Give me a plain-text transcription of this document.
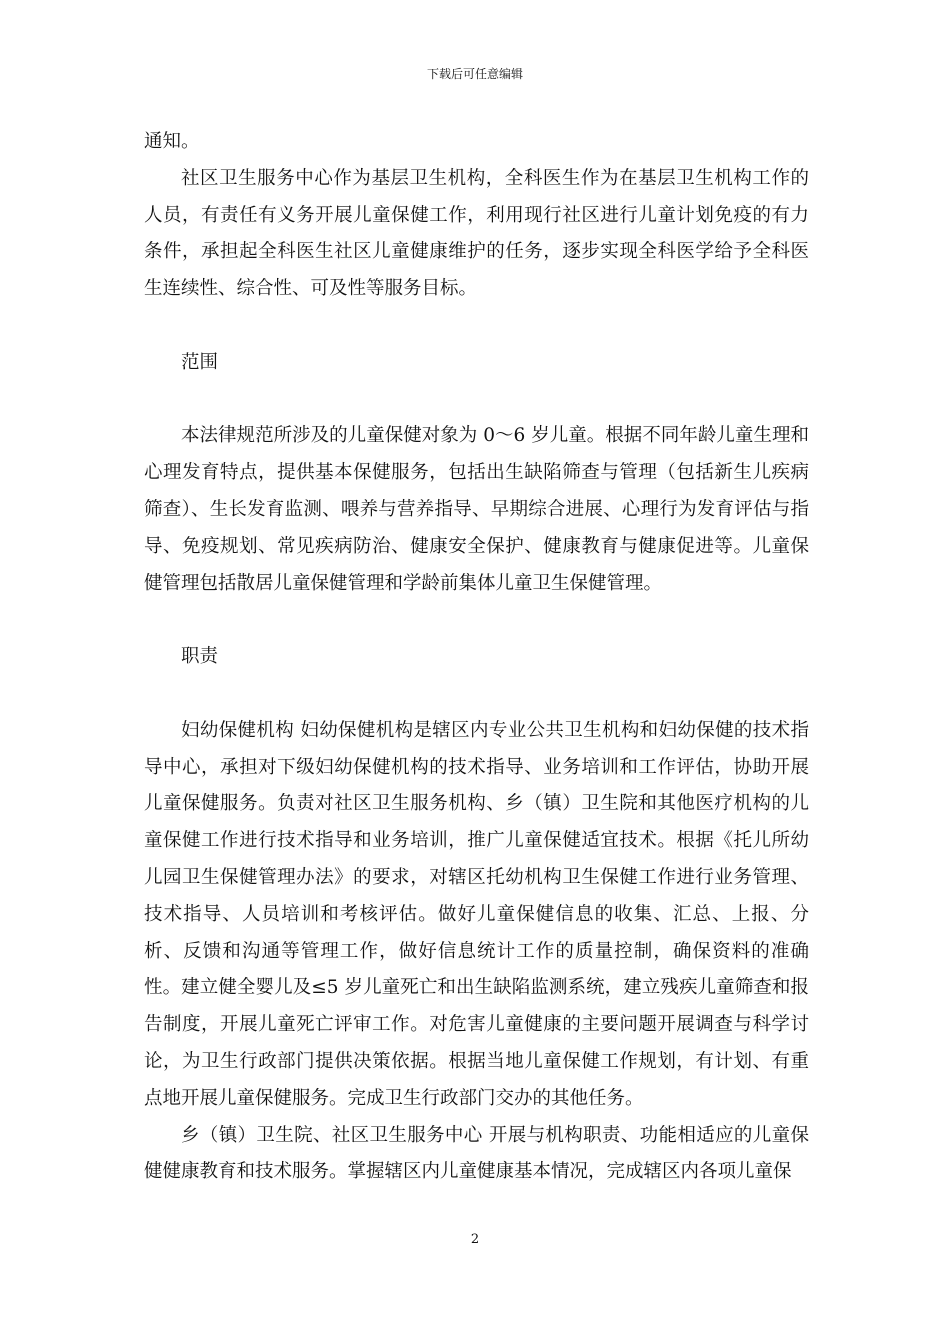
下载后可任意编辑

通知。

社区卫生服务中心作为基层卫生机构，全科医生作为在基层卫生机构工作的人员，有责任有义务开展儿童保健工作，利用现行社区进行儿童计划免疫的有力条件，承担起全科医生社区儿童健康维护的任务，逐步实现全科医学给予全科医生连续性、综合性、可及性等服务目标。

范围

本法律规范所涉及的儿童保健对象为 0～6 岁儿童。根据不同年龄儿童生理和心理发育特点，提供基本保健服务，包括出生缺陷筛查与管理（包括新生儿疾病筛查）、生长发育监测、喂养与营养指导、早期综合进展、心理行为发育评估与指导、免疫规划、常见疾病防治、健康安全保护、健康教育与健康促进等。儿童保健管理包括散居儿童保健管理和学龄前集体儿童卫生保健管理。

职责

妇幼保健机构 妇幼保健机构是辖区内专业公共卫生机构和妇幼保健的技术指导中心，承担对下级妇幼保健机构的技术指导、业务培训和工作评估，协助开展儿童保健服务。负责对社区卫生服务机构、乡（镇）卫生院和其他医疗机构的儿童保健工作进行技术指导和业务培训，推广儿童保健适宜技术。根据《托儿所幼儿园卫生保健管理办法》的要求，对辖区托幼机构卫生保健工作进行业务管理、技术指导、人员培训和考核评估。做好儿童保健信息的收集、汇总、上报、分析、反馈和沟通等管理工作，做好信息统计工作的质量控制，确保资料的准确性。建立健全婴儿及≤5 岁儿童死亡和出生缺陷监测系统，建立残疾儿童筛查和报告制度，开展儿童死亡评审工作。对危害儿童健康的主要问题开展调查与科学讨论，为卫生行政部门提供决策依据。根据当地儿童保健工作规划，有计划、有重点地开展儿童保健服务。完成卫生行政部门交办的其他任务。

乡（镇）卫生院、社区卫生服务中心 开展与机构职责、功能相适应的儿童保健健康教育和技术服务。掌握辖区内儿童健康基本情况，完成辖区内各项儿童保

2
